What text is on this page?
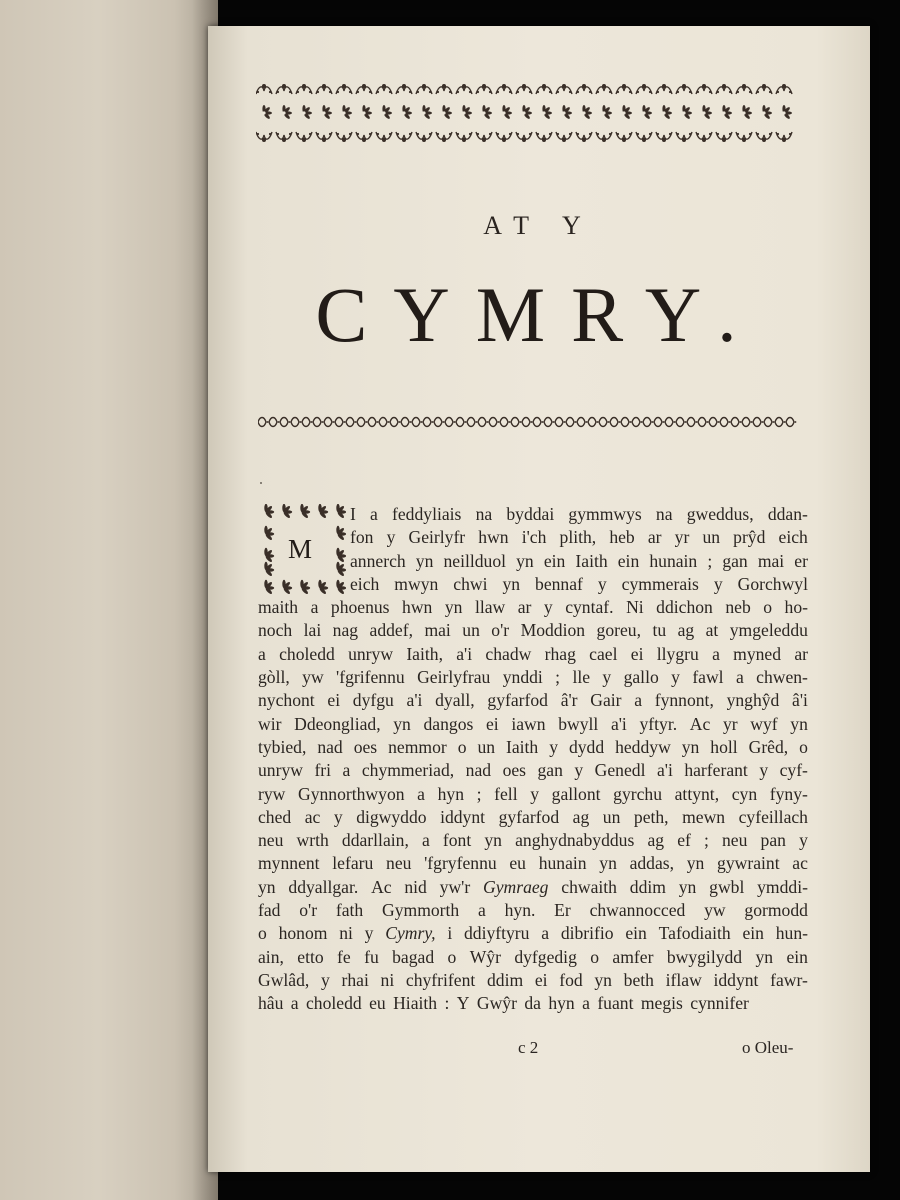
AT Y
CYMRY.
M
I a feddyliais na byddai gymmwys na gweddus, ddan-
fon y Geirlyfr hwn i'ch plith, heb ar yr un prŷd eich
annerch yn neillduol yn ein Iaith ein hunain ; gan mai er
eich mwyn chwi yn bennaf y cymmerais y Gorchwyl
maith a phoenus hwn yn llaw ar y cyntaf. Ni ddichon neb o ho-
noch lai nag addef, mai un o'r Moddion goreu, tu ag at ymgeleddu
a choledd unryw Iaith, a'i chadw rhag cael ei llygru a myned ar
gòll, yw 'fgrifennu Geirlyfrau ynddi ; lle y gallo y fawl a chwen-
nychont ei dyfgu a'i dyall, gyfarfod â'r Gair a fynnont, ynghŷd â'i
wir Ddeongliad, yn dangos ei iawn bwyll a'i yftyr. Ac yr wyf yn
tybied, nad oes nemmor o un Iaith y dydd heddyw yn holl Grêd, o
unryw fri a chymmeriad, nad oes gan y Genedl a'i harferant y cyf-
ryw Gynnorthwyon a hyn ; fell y gallont gyrchu attynt, cyn fyny-
ched ac y digwyddo iddynt gyfarfod ag un peth, mewn cyfeillach
neu wrth ddarllain, a font yn anghydnabyddus ag ef ; neu pan y
mynnent lefaru neu 'fgryfennu eu hunain yn addas, yn gywraint ac
yn ddyallgar. Ac nid yw'r Gymraeg chwaith ddim yn gwbl ymddi-
fad o'r fath Gymmorth a hyn. Er chwannocced yw gormodd
o honom ni y Cymry, i ddiyftyru a dibrifio ein Tafodiaith ein hun-
ain, etto fe fu bagad o Wŷr dyfgedig o amfer bwygilydd yn ein
Gwlâd, y rhai ni chyfrifent ddim ei fod yn beth iflaw iddynt fawr-
hâu a choledd eu Hiaith : Y Gwŷr da hyn a fuant megis cynnifer
c 2	o Oleu-
